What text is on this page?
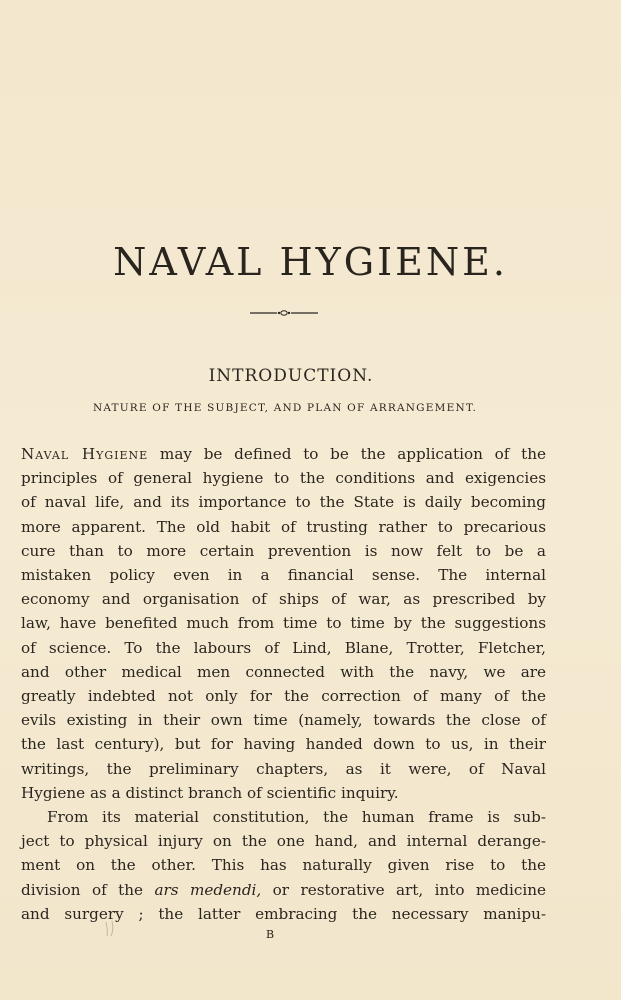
NAVAL HYGIENE.
INTRODUCTION.
NATURE OF THE SUBJECT, AND PLAN OF ARRANGEMENT.
Naval Hygiene may be defined to be the application of the
principles of general hygiene to the conditions and exigencies
of naval life, and its importance to the State is daily becoming
more apparent. The old habit of trusting rather to precarious
cure than to more certain prevention is now felt to be a
mistaken policy even in a financial sense. The internal
economy and organisation of ships of war, as prescribed by
law, have benefited much from time to time by the suggestions
of science. To the labours of Lind, Blane, Trotter, Fletcher,
and other medical men connected with the navy, we are
greatly indebted not only for the correction of many of the
evils existing in their own time (namely, towards the close of
the last century), but for having handed down to us, in their
writings, the preliminary chapters, as it were, of Naval
Hygiene as a distinct branch of scientific inquiry.
From its material constitution, the human frame is sub-
ject to physical injury on the one hand, and internal derange-
ment on the other. This has naturally given rise to the
division of the ars medendi, or restorative art, into medicine
and surgery ; the latter embracing the necessary manipu-
B
